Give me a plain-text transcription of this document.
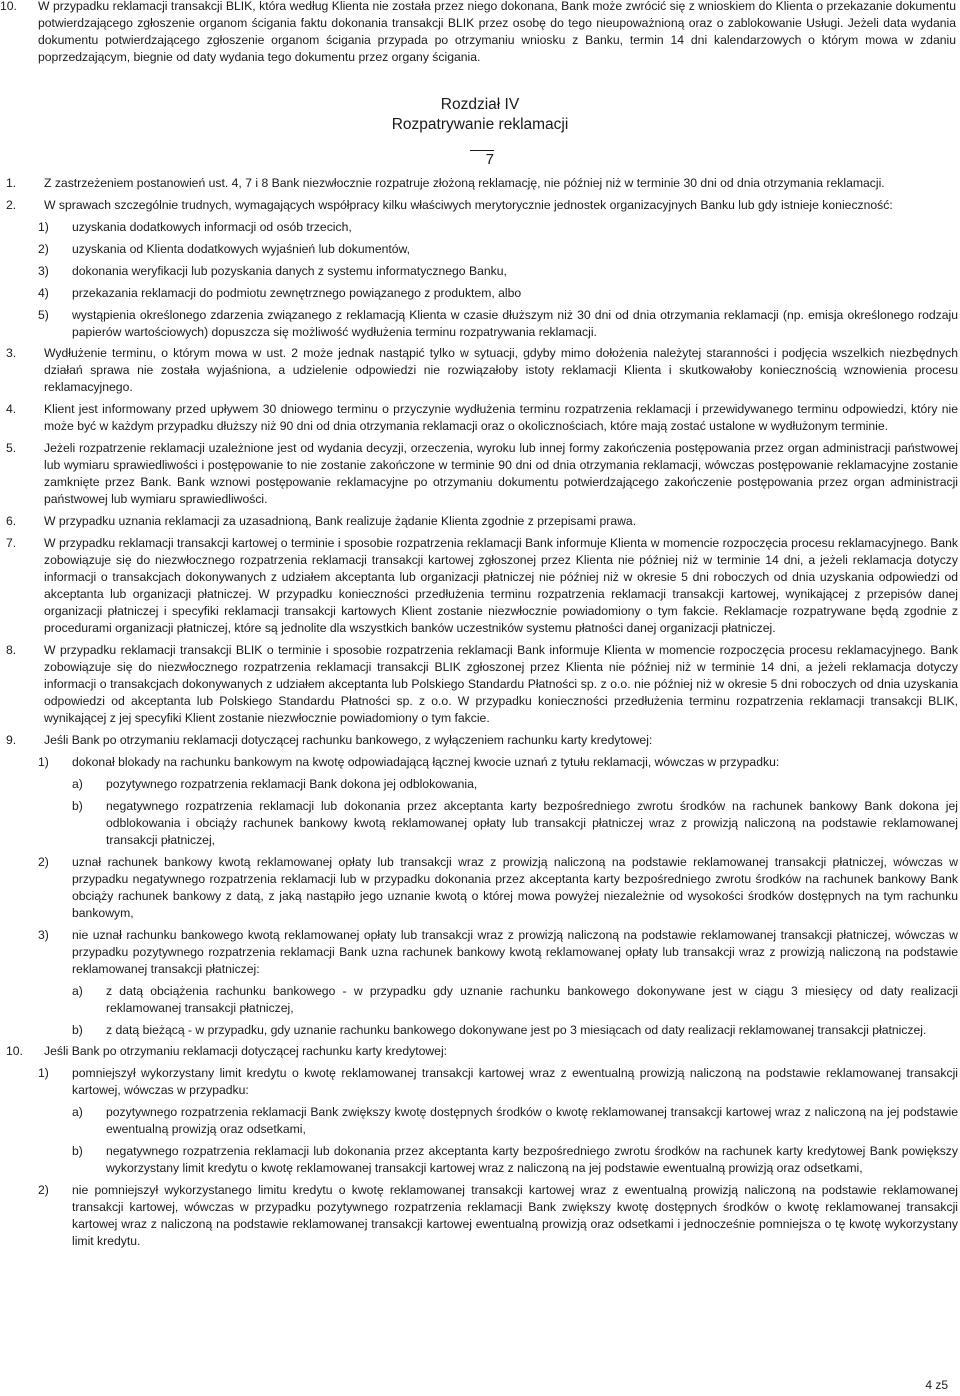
10. W przypadku reklamacji transakcji BLIK, która według Klienta nie została przez niego dokonana, Bank może zwrócić się z wnioskiem do Klienta o przekazanie dokumentu potwierdzającego zgłoszenie organom ścigania faktu dokonania transakcji BLIK przez osobę do tego nieupoważnioną oraz o zablokowanie Usługi. Jeżeli data wydania dokumentu potwierdzającego zgłoszenie organom ścigania przypada po otrzymaniu wniosku z Banku, termin 14 dni kalendarzowych o którym mowa w zdaniu poprzedzającym, biegnie od daty wydania tego dokumentu przez organy ścigania.
Rozdział IV
Rozpatrywanie reklamacji
7
1. Z zastrzeżeniem postanowień ust. 4, 7 i 8 Bank niezwłocznie rozpatruje złożoną reklamację, nie później niż w terminie 30 dni od dnia otrzymania reklamacji.
2. W sprawach szczególnie trudnych, wymagających współpracy kilku właściwych merytorycznie jednostek organizacyjnych Banku lub gdy istnieje konieczność:
1) uzyskania dodatkowych informacji od osób trzecich,
2) uzyskania od Klienta dodatkowych wyjaśnień lub dokumentów,
3) dokonania weryfikacji lub pozyskania danych z systemu informatycznego Banku,
4) przekazania reklamacji do podmiotu zewnętrznego powiązanego z produktem, albo
5) wystąpienia określonego zdarzenia związanego z reklamacją Klienta w czasie dłuższym niż 30 dni od dnia otrzymania reklamacji (np. emisja określonego rodzaju papierów wartościowych) dopuszcza się możliwość wydłużenia terminu rozpatrywania reklamacji.
3. Wydłużenie terminu, o którym mowa w ust. 2 może jednak nastąpić tylko w sytuacji, gdyby mimo dołożenia należytej staranności i podjęcia wszelkich niezbędnych działań sprawa nie została wyjaśniona, a udzielenie odpowiedzi nie rozwiązałoby istoty reklamacji Klienta i skutkowałoby koniecznością wznowienia procesu reklamacyjnego.
4. Klient jest informowany przed upływem 30 dniowego terminu o przyczynie wydłużenia terminu rozpatrzenia reklamacji i przewidywanego terminu odpowiedzi, który nie może być w każdym przypadku dłuższy niż 90 dni od dnia otrzymania reklamacji oraz o okolicznościach, które mają zostać ustalone w wydłużonym terminie.
5. Jeżeli rozpatrzenie reklamacji uzależnione jest od wydania decyzji, orzeczenia, wyroku lub innej formy zakończenia postępowania przez organ administracji państwowej lub wymiaru sprawiedliwości i postępowanie to nie zostanie zakończone w terminie 90 dni od dnia otrzymania reklamacji, wówczas postępowanie reklamacyjne zostanie zamknięte przez Bank. Bank wznowi postępowanie reklamacyjne po otrzymaniu dokumentu potwierdzającego zakończenie postępowania przez organ administracji państwowej lub wymiaru sprawiedliwości.
6. W przypadku uznania reklamacji za uzasadnioną, Bank realizuje żądanie Klienta zgodnie z przepisami prawa.
7. W przypadku reklamacji transakcji kartowej o terminie i sposobie rozpatrzenia reklamacji Bank informuje Klienta w momencie rozpoczęcia procesu reklamacyjnego. Bank zobowiązuje się do niezwłocznego rozpatrzenia reklamacji transakcji kartowej zgłoszonej przez Klienta nie później niż w terminie 14 dni, a jeżeli reklamacja dotyczy informacji o transakcjach dokonywanych z udziałem akceptanta lub organizacji płatniczej nie później niż w okresie 5 dni roboczych od dnia uzyskania odpowiedzi od akceptanta lub organizacji płatniczej. W przypadku konieczności przedłużenia terminu rozpatrzenia reklamacji transakcji kartowej, wynikającej z przepisów danej organizacji płatniczej i specyfiki reklamacji transakcji kartowych Klient zostanie niezwłocznie powiadomiony o tym fakcie. Reklamacje rozpatrywane będą zgodnie z procedurami organizacji płatniczej, które są jednolite dla wszystkich banków uczestników systemu płatności danej organizacji płatniczej.
8. W przypadku reklamacji transakcji BLIK o terminie i sposobie rozpatrzenia reklamacji Bank informuje Klienta w momencie rozpoczęcia procesu reklamacyjnego. Bank zobowiązuje się do niezwłocznego rozpatrzenia reklamacji transakcji BLIK zgłoszonej przez Klienta nie później niż w terminie 14 dni, a jeżeli reklamacja dotyczy informacji o transakcjach dokonywanych z udziałem akceptanta lub Polskiego Standardu Płatności sp. z o.o. nie później niż w okresie 5 dni roboczych od dnia uzyskania odpowiedzi od akceptanta lub Polskiego Standardu Płatności sp. z o.o. W przypadku konieczności przedłużenia terminu rozpatrzenia reklamacji transakcji BLIK, wynikającej z jej specyfiki Klient zostanie niezwłocznie powiadomiony o tym fakcie.
9. Jeśli Bank po otrzymaniu reklamacji dotyczącej rachunku bankowego, z wyłączeniem rachunku karty kredytowej:
1) dokonał blokady na rachunku bankowym na kwotę odpowiadającą łącznej kwocie uznań z tytułu reklamacji, wówczas w przypadku:
a) pozytywnego rozpatrzenia reklamacji Bank dokona jej odblokowania,
b) negatywnego rozpatrzenia reklamacji lub dokonania przez akceptanta karty bezpośredniego zwrotu środków na rachunek bankowy Bank dokona jej odblokowania i obciąży rachunek bankowy kwotą reklamowanej opłaty lub transakcji płatniczej wraz z prowizją naliczoną na podstawie reklamowanej transakcji płatniczej,
2) uznał rachunek bankowy kwotą reklamowanej opłaty lub transakcji wraz z prowizją naliczoną na podstawie reklamowanej transakcji płatniczej, wówczas w przypadku negatywnego rozpatrzenia reklamacji lub w przypadku dokonania przez akceptanta karty bezpośredniego zwrotu środków na rachunek bankowy Bank obciąży rachunek bankowy z datą, z jaką nastąpiło jego uznanie kwotą o której mowa powyżej niezależnie od wysokości środków dostępnych na tym rachunku bankowym,
3) nie uznał rachunku bankowego kwotą reklamowanej opłaty lub transakcji wraz z prowizją naliczoną na podstawie reklamowanej transakcji płatniczej, wówczas w przypadku pozytywnego rozpatrzenia reklamacji Bank uzna rachunek bankowy kwotą reklamowanej opłaty lub transakcji wraz z prowizją naliczoną na podstawie reklamowanej transakcji płatniczej:
a) z datą obciążenia rachunku bankowego - w przypadku gdy uznanie rachunku bankowego dokonywane jest w ciągu 3 miesięcy od daty realizacji reklamowanej transakcji płatniczej,
b) z datą bieżącą - w przypadku, gdy uznanie rachunku bankowego dokonywane jest po 3 miesiącach od daty realizacji reklamowanej transakcji płatniczej.
10. Jeśli Bank po otrzymaniu reklamacji dotyczącej rachunku karty kredytowej:
1) pomniejszył wykorzystany limit kredytu o kwotę reklamowanej transakcji kartowej wraz z ewentualną prowizją naliczoną na podstawie reklamowanej transakcji kartowej, wówczas w przypadku:
a) pozytywnego rozpatrzenia reklamacji Bank zwiększy kwotę dostępnych środków o kwotę reklamowanej transakcji kartowej wraz z naliczoną na jej podstawie ewentualną prowizją oraz odsetkami,
b) negatywnego rozpatrzenia reklamacji lub dokonania przez akceptanta karty bezpośredniego zwrotu środków na rachunek karty kredytowej Bank powiększy wykorzystany limit kredytu o kwotę reklamowanej transakcji kartowej wraz z naliczoną na jej podstawie ewentualną prowizją oraz odsetkami,
2) nie pomniejszył wykorzystanego limitu kredytu o kwotę reklamowanej transakcji kartowej wraz z ewentualną prowizją naliczoną na podstawie reklamowanej transakcji kartowej, wówczas w przypadku pozytywnego rozpatrzenia reklamacji Bank zwiększy kwotę dostępnych środków o kwotę reklamowanej transakcji kartowej wraz z naliczoną na podstawie reklamowanej transakcji kartowej ewentualną prowizją oraz odsetkami i jednocześnie pomniejsza o tę kwotę wykorzystany limit kredytu.
4 z5
